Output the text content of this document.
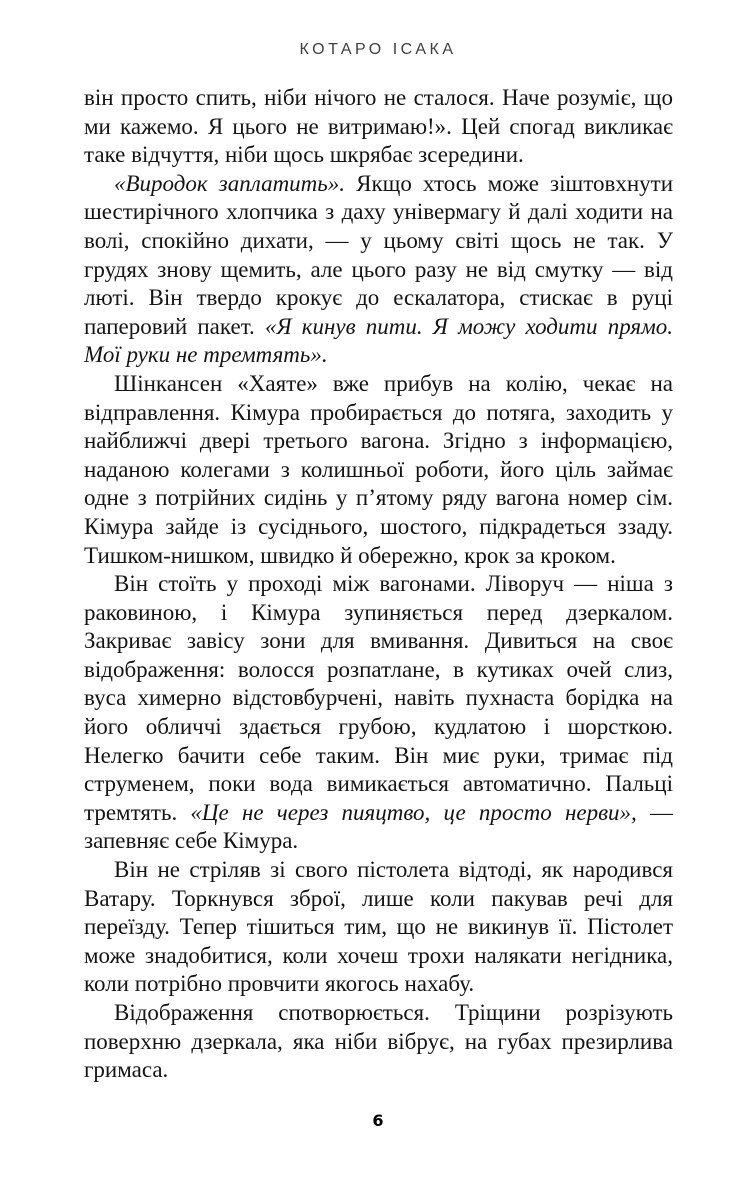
КОТАРО ІСАКА

він просто спить, ніби нічого не сталося. Наче розуміє, що ми кажемо. Я цього не витримаю!». Цей спогад викликає таке відчуття, ніби щось шкрябає зсередини.

«Виродок заплатить». Якщо хтось може зіштовхнути шестирічного хлопчика з даху універмагу й далі ходити на волі, спокійно дихати, — у цьому світі щось не так. У грудях знову щемить, але цього разу не від смутку — від люті. Він твердо крокує до ескалатора, стискає в руці паперовий пакет. «Я кинув пити. Я можу ходити прямо. Мої руки не тремтять».

Шінкансен «Хаяте» вже прибув на колію, чекає на відправлення. Кімура пробирається до потяга, заходить у найближчі двері третього вагона. Згідно з інформацією, наданою колегами з колишньої роботи, його ціль займає одне з потрійних сидінь у п’ятому ряду вагона номер сім. Кімура зайде із сусіднього, шостого, підкрадеться ззаду. Тишком-нишком, швидко й обережно, крок за кроком.

Він стоїть у проході між вагонами. Ліворуч — ніша з раковиною, і Кімура зупиняється перед дзеркалом. Закриває завісу зони для вмивання. Дивиться на своє відображення: волосся розпатлане, в кутиках очей слиз, вуса химерно відстовбурчені, навіть пухнаста борідка на його обличчі здається грубою, кудлатою і шорсткою. Нелегко бачити себе таким. Він миє руки, тримає під струменем, поки вода вимикається автоматично. Пальці тремтять. «Це не через пияцтво, це просто нерви», — запевняє себе Кімура.

Він не стріляв зі свого пістолета відтоді, як народився Ватару. Торкнувся зброї, лише коли пакував речі для переїзду. Тепер тішиться тим, що не викинув її. Пістолет може знадобитися, коли хочеш трохи налякати негідника, коли потрібно провчити якогось нахабу.

Відображення спотворюється. Тріщини розрізують поверхню дзеркала, яка ніби вібрує, на губах презирлива гримаса.

6
